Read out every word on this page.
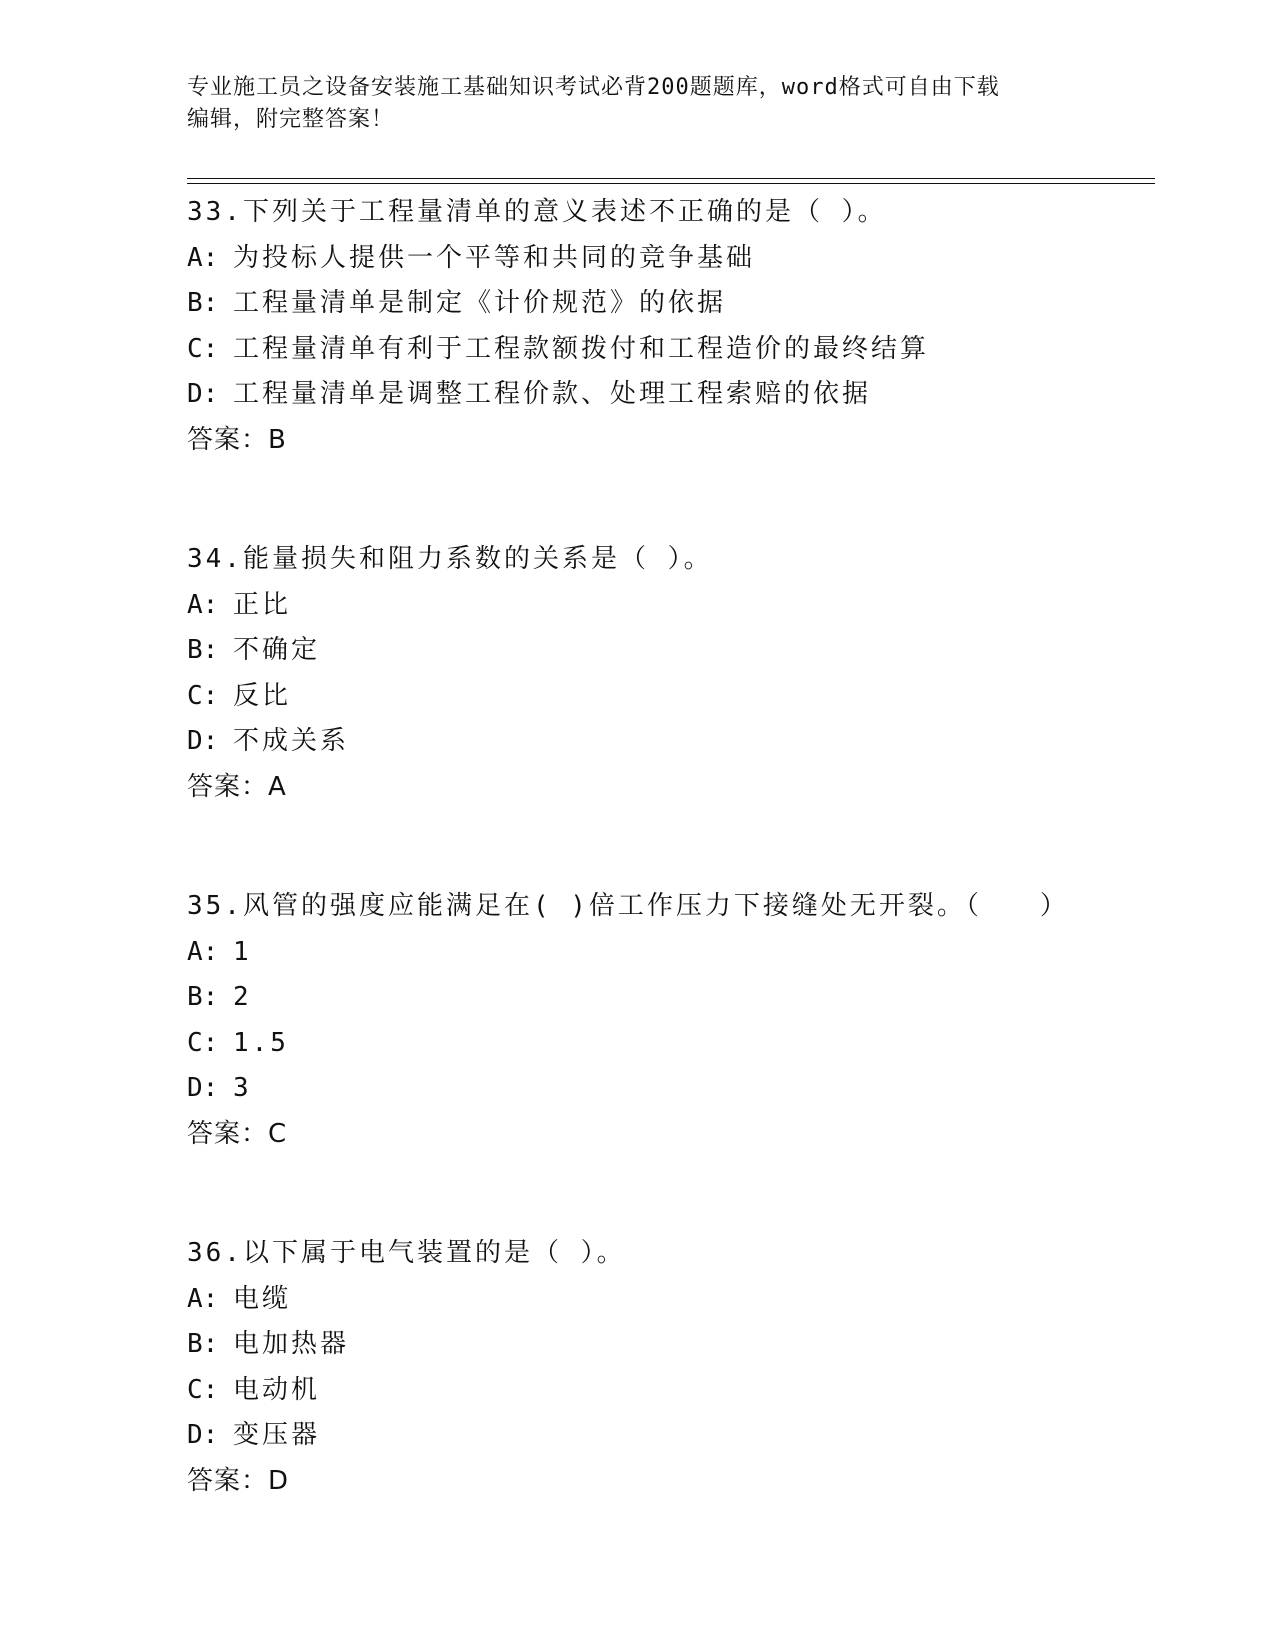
专业施工员之设备安装施工基础知识考试必背200题题库，word格式可自由下载
编辑，附完整答案！
33.下列关于工程量清单的意义表述不正确的是（ ）。
A: 为投标人提供一个平等和共同的竞争基础
B: 工程量清单是制定《计价规范》的依据
C: 工程量清单有利于工程款额拨付和工程造价的最终结算
D: 工程量清单是调整工程价款、处理工程索赔的依据
答案：B
34.能量损失和阻力系数的关系是（ ）。
A: 正比
B: 不确定
C: 反比
D: 不成关系
答案：A
35.风管的强度应能满足在( )倍工作压力下接缝处无开裂。（　　）
A: 1
B: 2
C: 1.5
D: 3
答案：C
36.以下属于电气装置的是（ ）。
A: 电缆
B: 电加热器
C: 电动机
D: 变压器
答案：D
